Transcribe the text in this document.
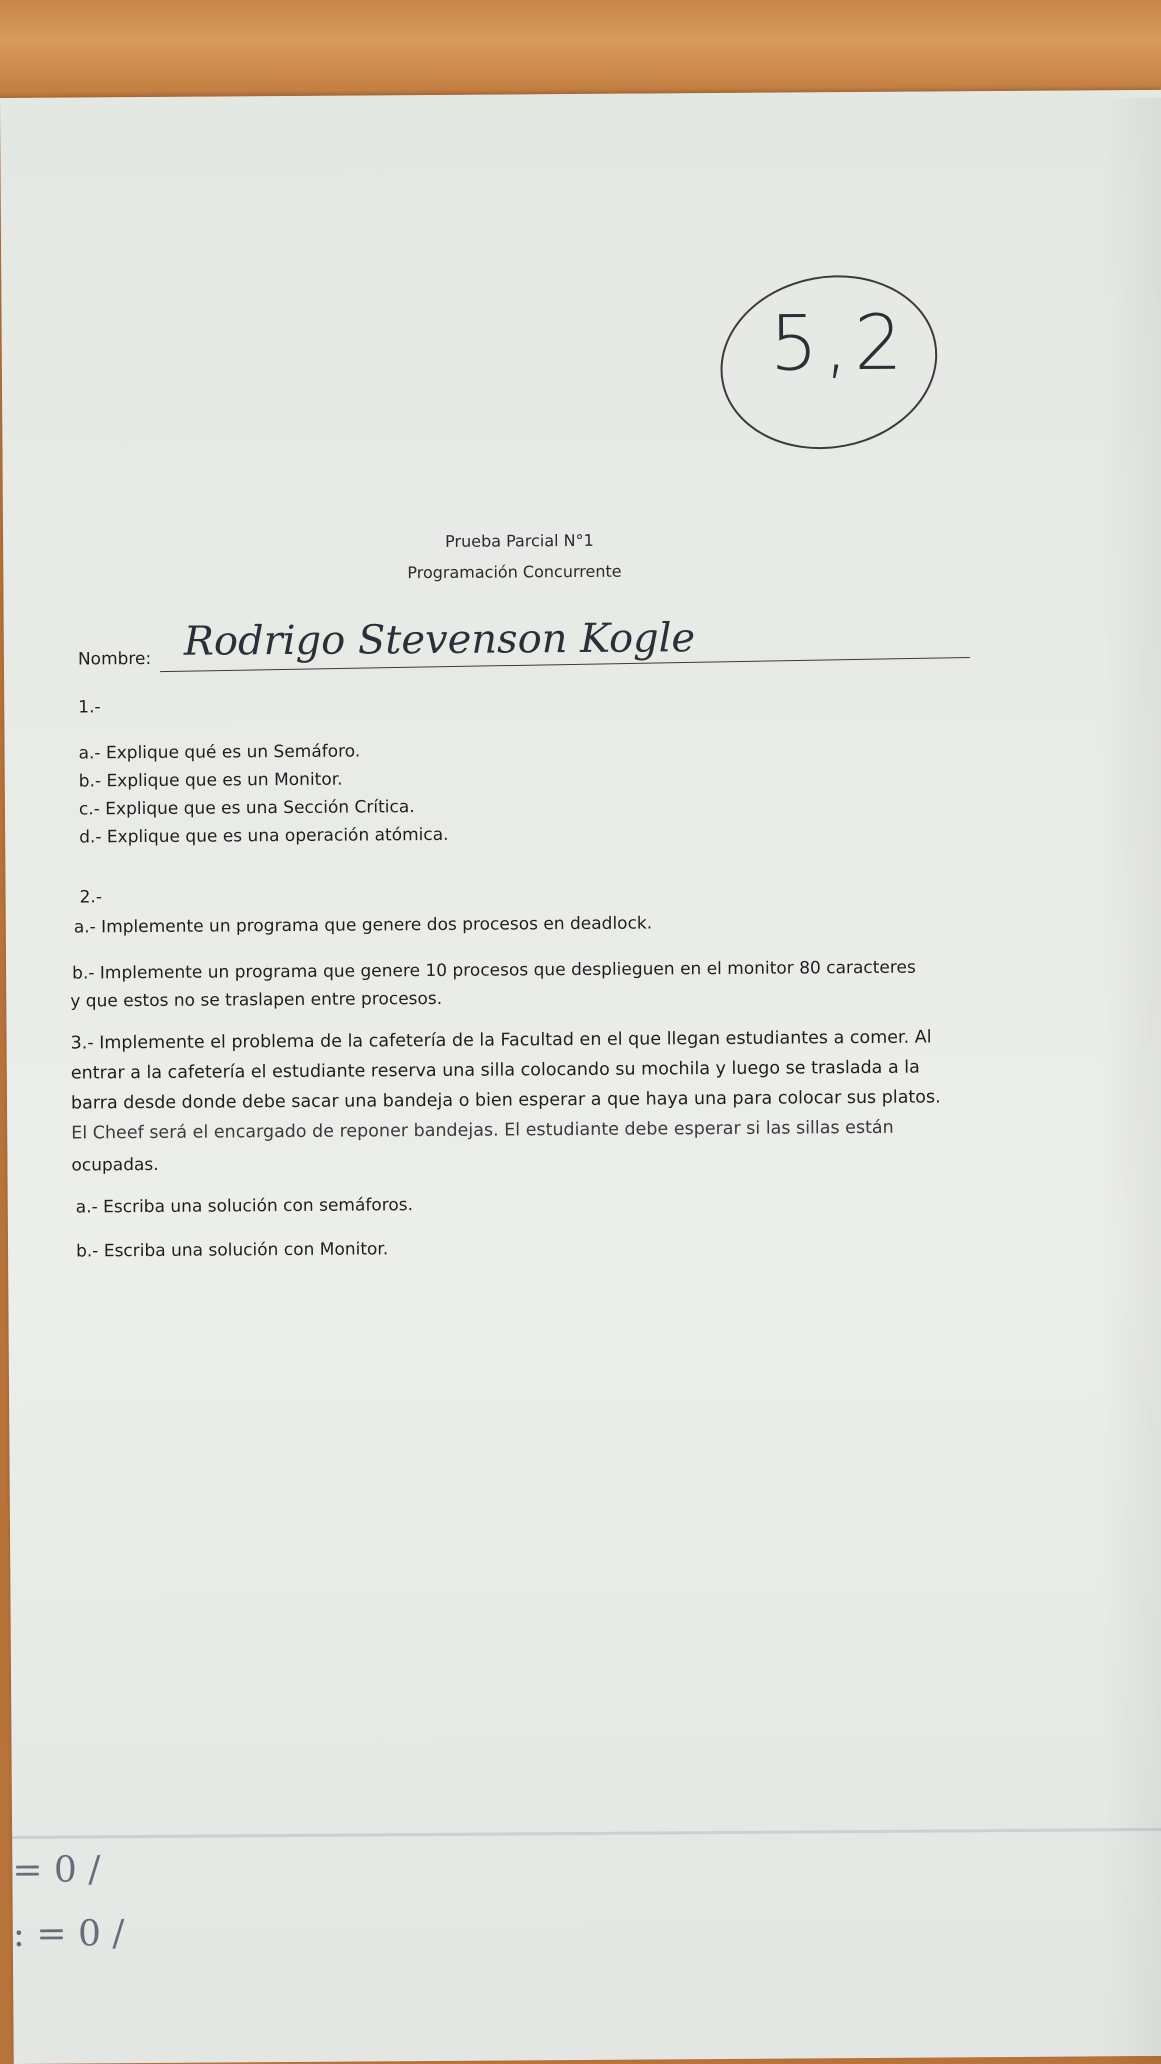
5,2
Prueba Parcial N°1
Programación Concurrente
Nombre: Rodrigo Stevenson Kogle
1.-
a.- Explique qué es un Semáforo.
b.- Explique que es un Monitor.
c.- Explique que es una Sección Crítica.
d.- Explique que es una operación atómica.
2.-
a.- Implemente un programa que genere dos procesos en deadlock.
b.- Implemente un programa que genere 10 procesos que desplieguen en el monitor 80 caracteres
y que estos no se traslapen entre procesos.
3.- Implemente el problema de la cafetería de la Facultad en el que llegan estudiantes a comer. Al
entrar a la cafetería el estudiante reserva una silla colocando su mochila y luego se traslada a la
barra desde donde debe sacar una bandeja o bien esperar a que haya una para colocar sus platos.
El Cheef será el encargado de reponer bandejas. El estudiante debe esperar si las sillas están
ocupadas.
a.- Escriba una solución con semáforos.
b.- Escriba una solución con Monitor.
= 0 /
: = 0 /
